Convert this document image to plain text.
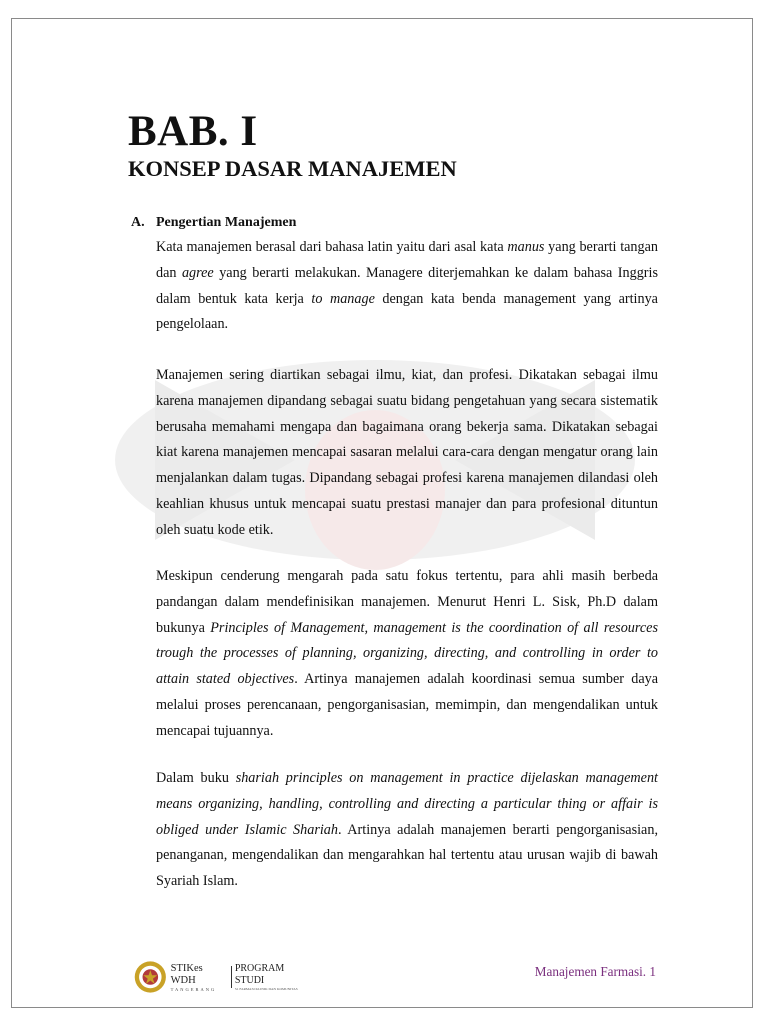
BAB. I
KONSEP DASAR MANAJEMEN
A. Pengertian Manajemen

Kata manajemen berasal dari bahasa latin yaitu dari asal kata manus yang berarti tangan dan agree yang berarti melakukan. Managere diterjemahkan ke dalam bahasa Inggris dalam bentuk kata kerja to manage dengan kata benda management yang artinya pengelolaan.

Manajemen sering diartikan sebagai ilmu, kiat, dan profesi. Dikatakan sebagai ilmu karena manajemen dipandang sebagai suatu bidang pengetahuan yang secara sistematik berusaha memahami mengapa dan bagaimana orang bekerja sama. Dikatakan sebagai kiat karena manajemen mencapai sasaran melalui cara-cara dengan mengatur orang lain menjalankan dalam tugas. Dipandang sebagai profesi karena manajemen dilandasi oleh keahlian khusus untuk mencapai suatu prestasi manajer dan para profesional dituntun oleh suatu kode etik.

Meskipun cenderung mengarah pada satu fokus tertentu, para ahli masih berbeda pandangan dalam mendefinisikan manajemen. Menurut Henri L. Sisk, Ph.D dalam bukunya Principles of Management, management is the coordination of all resources trough the processes of planning, organizing, directing, and controlling in order to attain stated objectives. Artinya manajemen adalah koordinasi semua sumber daya melalui proses perencanaan, pengorganisasian, memimpin, dan mengendalikan untuk mencapai tujuannya.

Dalam buku shariah principles on management in practice dijelaskan management means organizing, handling, controlling and directing a particular thing or affair is obliged under Islamic Shariah. Artinya adalah manajemen berarti pengorganisasian, penanganan, mengendalikan dan mengarahkan hal tertentu atau urusan wajib di bawah Syariah Islam.

STIKes WDH
TANGERANG
PROGRAM STUDI
S1 FARMASI KLINIK DAN KOMUNITAS
Manajemen Farmasi. 1
